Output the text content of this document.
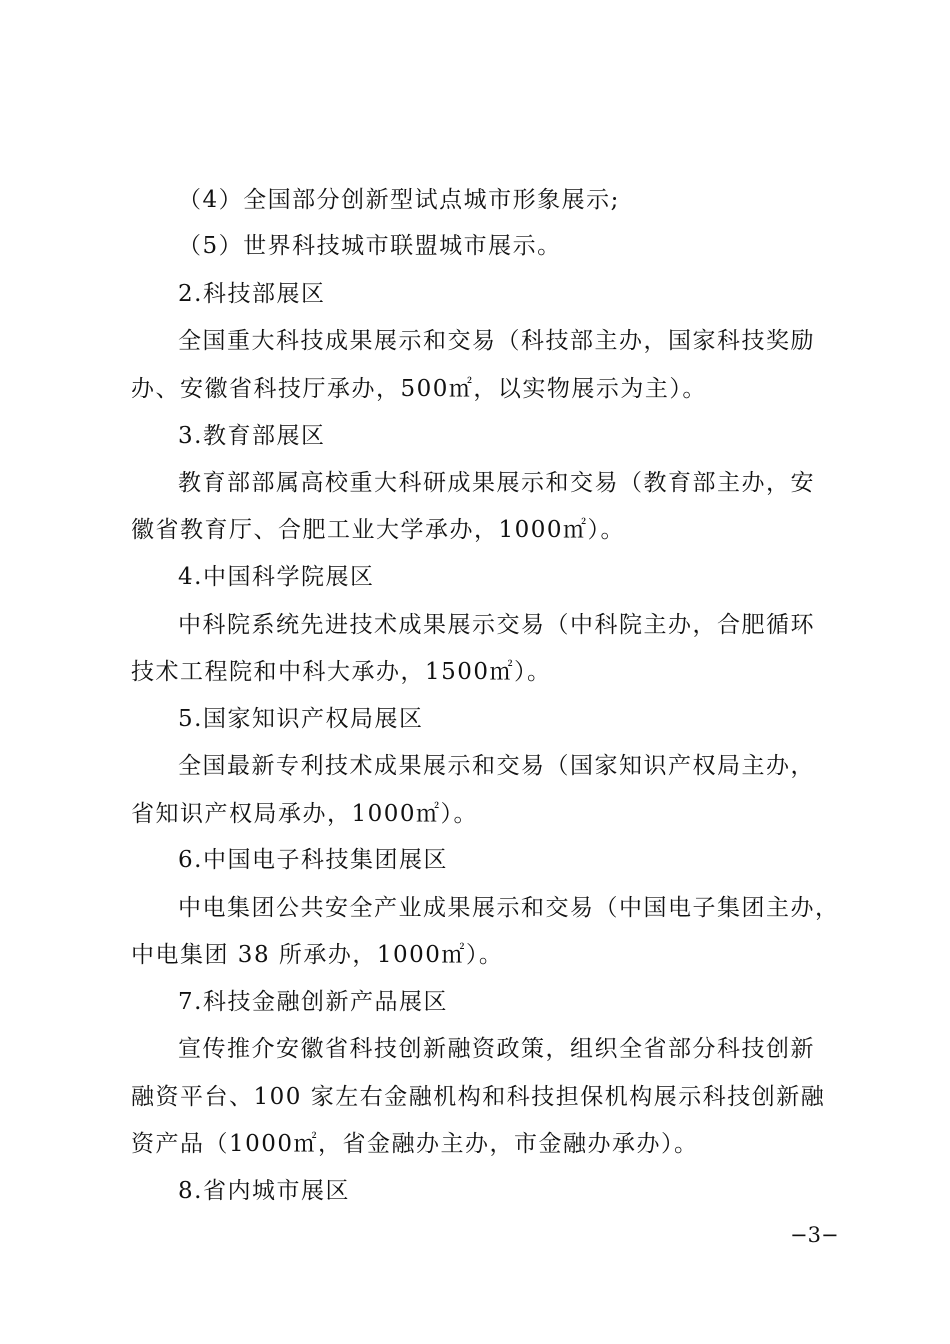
（4）全国部分创新型试点城市形象展示;
（5）世界科技城市联盟城市展示。
2.科技部展区
全国重大科技成果展示和交易（科技部主办，国家科技奖励
办、安徽省科技厅承办，500㎡，以实物展示为主）。
3.教育部展区
教育部部属高校重大科研成果展示和交易（教育部主办，安
徽省教育厅、合肥工业大学承办，1000㎡）。
4.中国科学院展区
中科院系统先进技术成果展示交易（中科院主办，合肥循环
技术工程院和中科大承办，1500㎡）。
5.国家知识产权局展区
全国最新专利技术成果展示和交易（国家知识产权局主办，
省知识产权局承办，1000㎡）。
6.中国电子科技集团展区
中电集团公共安全产业成果展示和交易（中国电子集团主办，
中电集团 38 所承办，1000㎡）。
7.科技金融创新产品展区
宣传推介安徽省科技创新融资政策，组织全省部分科技创新
融资平台、100 家左右金融机构和科技担保机构展示科技创新融
资产品（1000㎡，省金融办主办，市金融办承办）。
8.省内城市展区
−3−
